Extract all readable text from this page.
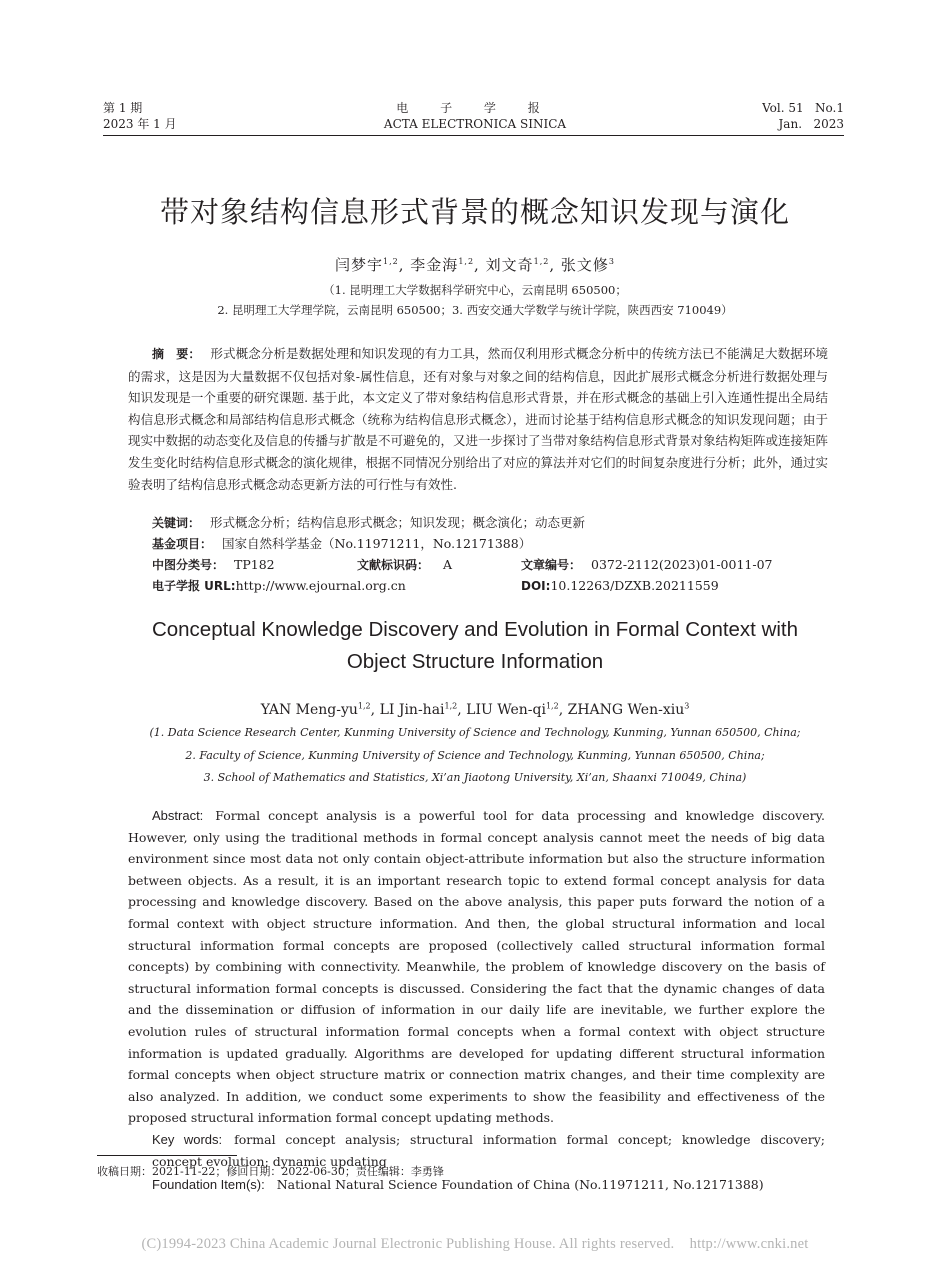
第 1 期
2023 年 1 月
电 子 学 报
ACTA ELECTRONICA SINICA
Vol. 51   No.1
Jan.   2023
带对象结构信息形式背景的概念知识发现与演化
闫梦宇$^{1,2}$, 李金海$^{1,2}$, 刘文奇$^{1,2}$, 张文修$^3$
（1. 昆明理工大学数据科学研究中心，云南昆明 650500；
2. 昆明理工大学理学院，云南昆明 650500；3. 西安交通大学数学与统计学院，陕西西安 710049）
摘　要： 形式概念分析是数据处理和知识发现的有力工具，然而仅利用形式概念分析中的传统方法已不能满足大数据环境的需求，这是因为大量数据不仅包括对象-属性信息，还有对象与对象之间的结构信息，因此扩展形式概念分析进行数据处理与知识发现是一个重要的研究课题. 基于此，本文定义了带对象结构信息形式背景，并在形式概念的基础上引入连通性提出全局结构信息形式概念和局部结构信息形式概念（统称为结构信息形式概念），进而讨论基于结构信息形式概念的知识发现问题；由于现实中数据的动态变化及信息的传播与扩散是不可避免的，又进一步探讨了当带对象结构信息形式背景对象结构矩阵或连接矩阵发生变化时结构信息形式概念的演化规律，根据不同情况分别给出了对应的算法并对它们的时间复杂度进行分析；此外，通过实验表明了结构信息形式概念动态更新方法的可行性与有效性.
关键词： 形式概念分析；结构信息形式概念；知识发现；概念演化；动态更新
基金项目： 国家自然科学基金（No.11971211，No.12171388）
中图分类号： TP182	文献标识码： A	文章编号： 0372-2112(2023)01-0011-07
电子学报 URL:http://www.ejournal.org.cn	DOI:10.12263/DZXB.20211559
Conceptual Knowledge Discovery and Evolution in Formal Context with
Object Structure Information
YAN Meng-yu$^{1,2}$, LI Jin-hai$^{1,2}$, LIU Wen-qi$^{1,2}$, ZHANG Wen-xiu$^3$
(1. Data Science Research Center, Kunming University of Science and Technology, Kunming, Yunnan 650500, China;
2. Faculty of Science, Kunming University of Science and Technology, Kunming, Yunnan 650500, China;
3. School of Mathematics and Statistics, Xi’an Jiaotong University, Xi’an, Shaanxi 710049, China)
Abstract: Formal concept analysis is a powerful tool for data processing and knowledge discovery. However, only using the traditional methods in formal concept analysis cannot meet the needs of big data environment since most data not only contain object-attribute information but also the structure information between objects. As a result, it is an important research topic to extend formal concept analysis for data processing and knowledge discovery. Based on the above analysis, this paper puts forward the notion of a formal context with object structure information. And then, the global structural information and local structural information formal concepts are proposed (collectively called structural information formal concepts) by combining with connectivity. Meanwhile, the problem of knowledge discovery on the basis of structural information formal concepts is discussed. Considering the fact that the dynamic changes of data and the dissemination or diffusion of information in our daily life are inevitable, we further explore the evolution rules of structural information formal concepts when a formal context with object structure information is updated gradually. Algorithms are developed for updating different structural information formal concepts when object structure matrix or connection matrix changes, and their time complexity are also analyzed. In addition, we conduct some experiments to show the feasibility and effectiveness of the proposed structural information formal concept updating methods.
Key words: formal concept analysis; structural information formal concept; knowledge discovery; concept evolution; dynamic updating
Foundation Item(s): National Natural Science Foundation of China (No.11971211, No.12171388)
收稿日期：2021-11-22；修回日期：2022-06-30；责任编辑：李勇锋
(C)1994-2023 China Academic Journal Electronic Publishing House. All rights reserved.    http://www.cnki.net
